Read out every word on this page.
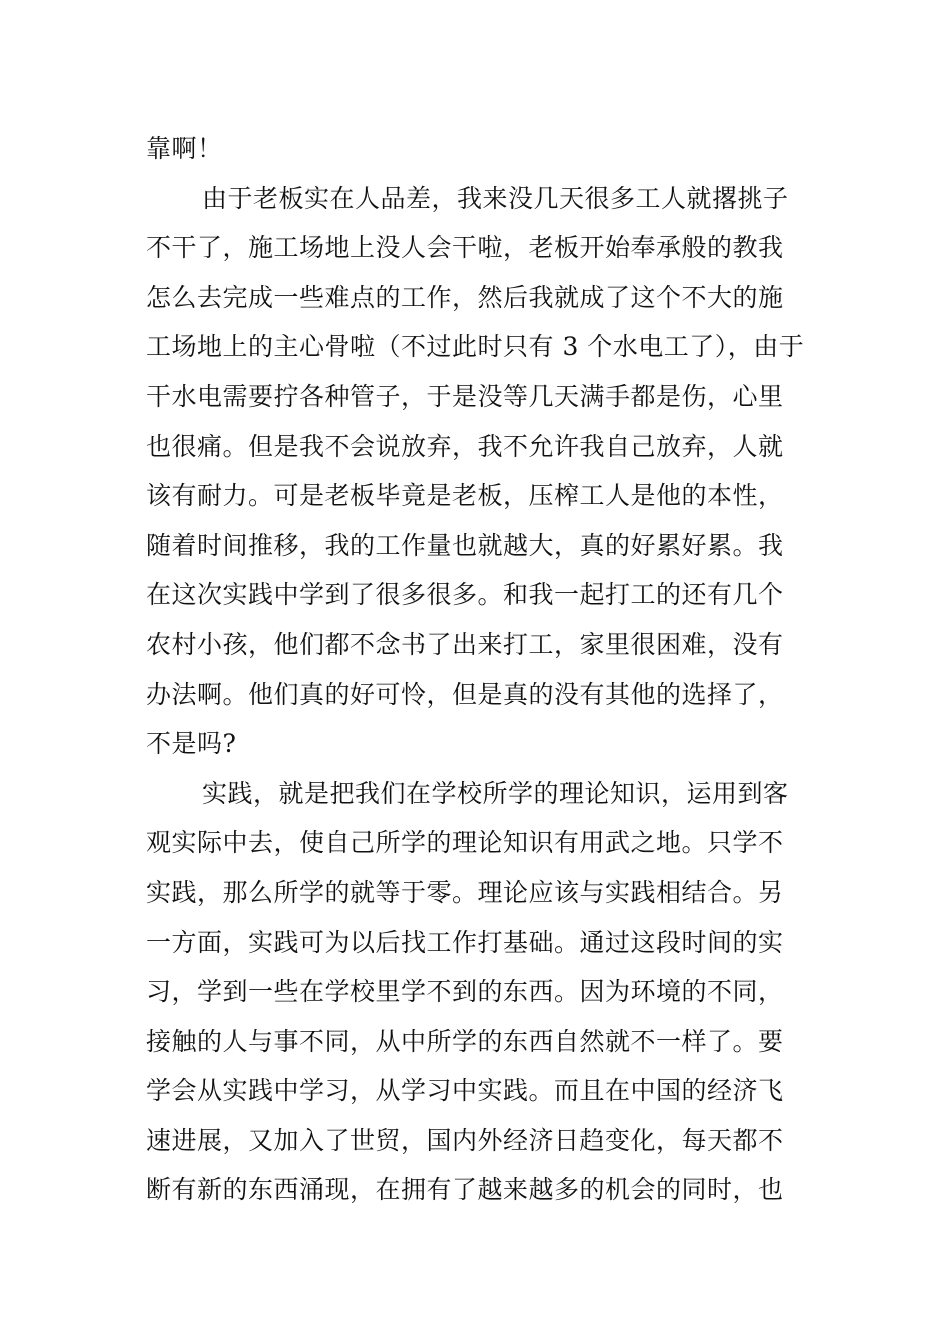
靠啊！
由于老板实在人品差，我来没几天很多工人就撂挑子
不干了，施工场地上没人会干啦，老板开始奉承般的教我
怎么去完成一些难点的工作，然后我就成了这个不大的施
工场地上的主心骨啦（不过此时只有 3 个水电工了），由于
干水电需要拧各种管子，于是没等几天满手都是伤，心里
也很痛。但是我不会说放弃，我不允许我自己放弃，人就
该有耐力。可是老板毕竟是老板，压榨工人是他的本性，
随着时间推移，我的工作量也就越大，真的好累好累。我
在这次实践中学到了很多很多。和我一起打工的还有几个
农村小孩，他们都不念书了出来打工，家里很困难，没有
办法啊。他们真的好可怜，但是真的没有其他的选择了，
不是吗?
实践，就是把我们在学校所学的理论知识，运用到客
观实际中去，使自己所学的理论知识有用武之地。只学不
实践，那么所学的就等于零。理论应该与实践相结合。另
一方面，实践可为以后找工作打基础。通过这段时间的实
习，学到一些在学校里学不到的东西。因为环境的不同，
接触的人与事不同，从中所学的东西自然就不一样了。要
学会从实践中学习，从学习中实践。而且在中国的经济飞
速进展，又加入了世贸，国内外经济日趋变化，每天都不
断有新的东西涌现，在拥有了越来越多的机会的同时，也
